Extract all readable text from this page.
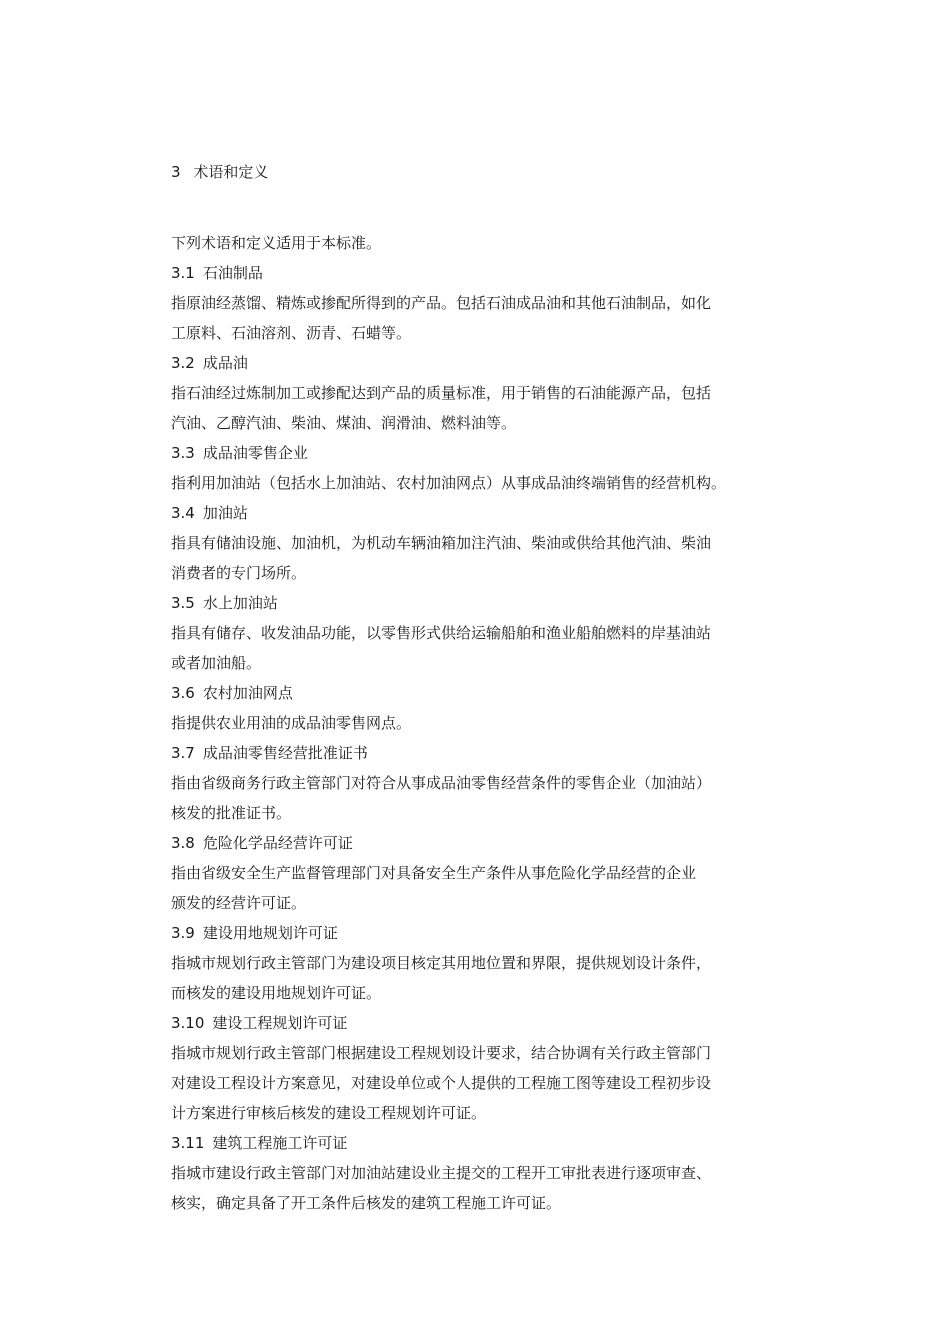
3 术语和定义
下列术语和定义适用于本标准。
3.1 石油制品
指原油经蒸馏、精炼或掺配所得到的产品。包括石油成品油和其他石油制品，如化
工原料、石油溶剂、沥青、石蜡等。
3.2 成品油
指石油经过炼制加工或掺配达到产品的质量标准，用于销售的石油能源产品，包括
汽油、乙醇汽油、柴油、煤油、润滑油、燃料油等。
3.3 成品油零售企业
指利用加油站（包括水上加油站、农村加油网点）从事成品油终端销售的经营机构。
3.4 加油站
指具有储油设施、加油机，为机动车辆油箱加注汽油、柴油或供给其他汽油、柴油
消费者的专门场所。
3.5 水上加油站
指具有储存、收发油品功能，以零售形式供给运输船舶和渔业船舶燃料的岸基油站
或者加油船。
3.6 农村加油网点
指提供农业用油的成品油零售网点。
3.7 成品油零售经营批准证书
指由省级商务行政主管部门对符合从事成品油零售经营条件的零售企业（加油站）
核发的批准证书。
3.8 危险化学品经营许可证
指由省级安全生产监督管理部门对具备安全生产条件从事危险化学品经营的企业
颁发的经营许可证。
3.9 建设用地规划许可证
指城市规划行政主管部门为建设项目核定其用地位置和界限，提供规划设计条件，
而核发的建设用地规划许可证。
3.10 建设工程规划许可证
指城市规划行政主管部门根据建设工程规划设计要求，结合协调有关行政主管部门
对建设工程设计方案意见，对建设单位或个人提供的工程施工图等建设工程初步设
计方案进行审核后核发的建设工程规划许可证。
3.11 建筑工程施工许可证
指城市建设行政主管部门对加油站建设业主提交的工程开工审批表进行逐项审查、
核实，确定具备了开工条件后核发的建筑工程施工许可证。
